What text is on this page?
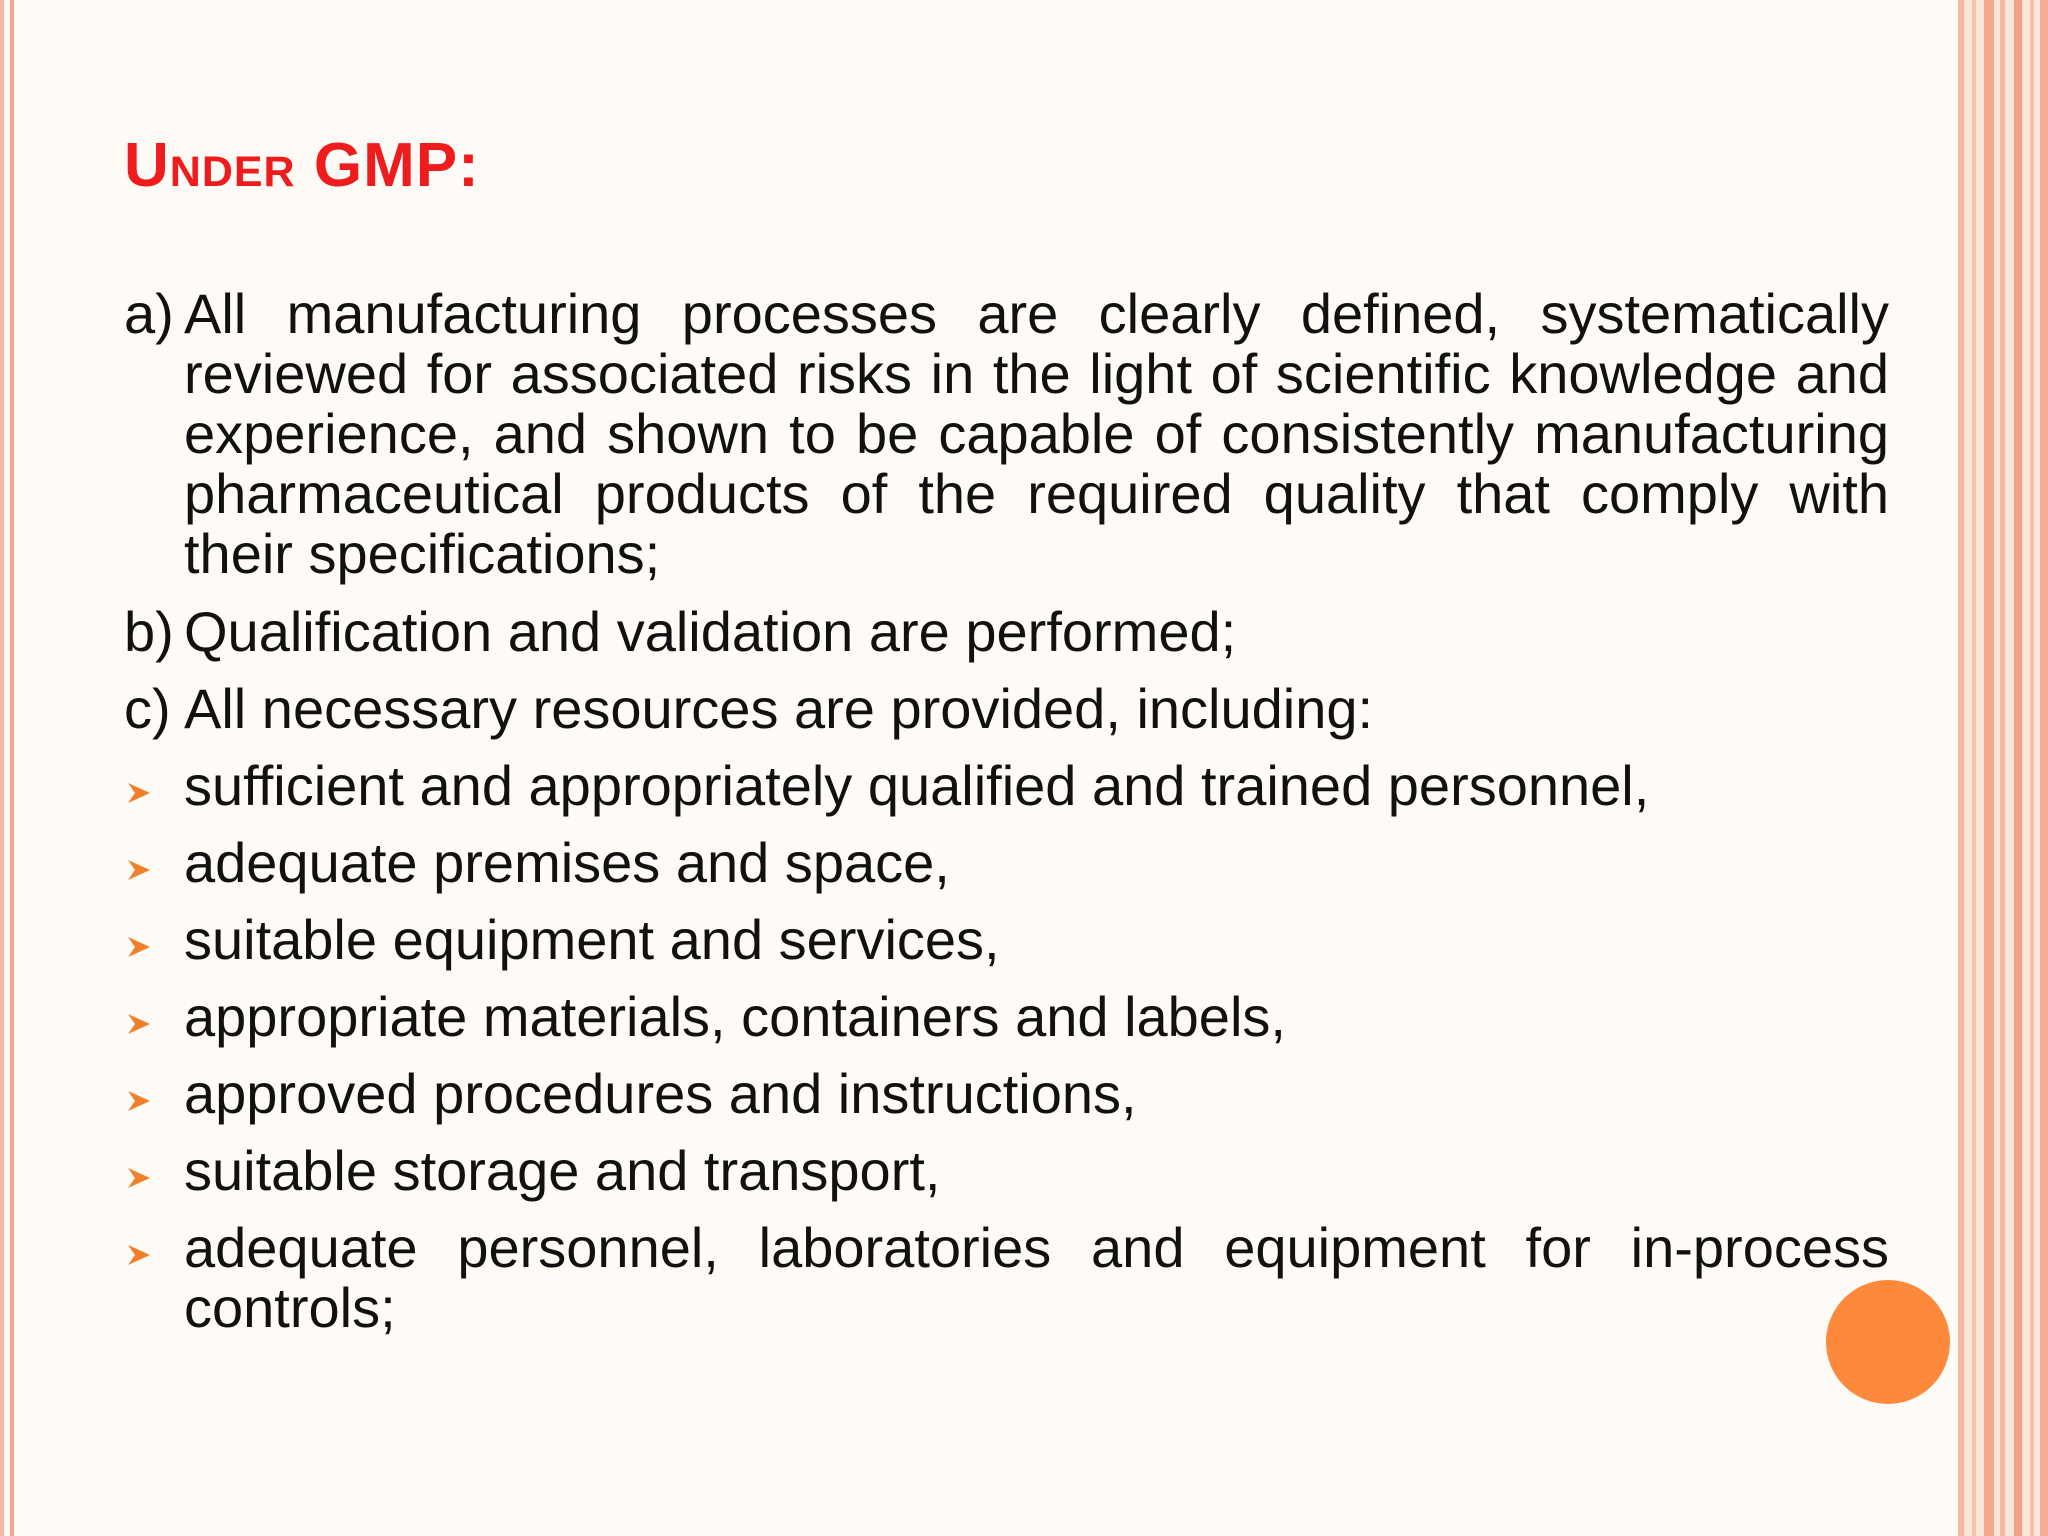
Under GMP:

a) All manufacturing processes are clearly defined, systematically reviewed for associated risks in the light of scientific knowledge and experience, and shown to be capable of consistently manufacturing pharmaceutical products of the required quality that comply with their specifications;

b) Qualification and validation are performed;

c) All necessary resources are provided, including:

sufficient and appropriately qualified and trained personnel,
adequate premises and space,
suitable equipment and services,
appropriate materials, containers and labels,
approved procedures and instructions,
suitable storage and transport,
adequate personnel, laboratories and equipment for in-process controls;
